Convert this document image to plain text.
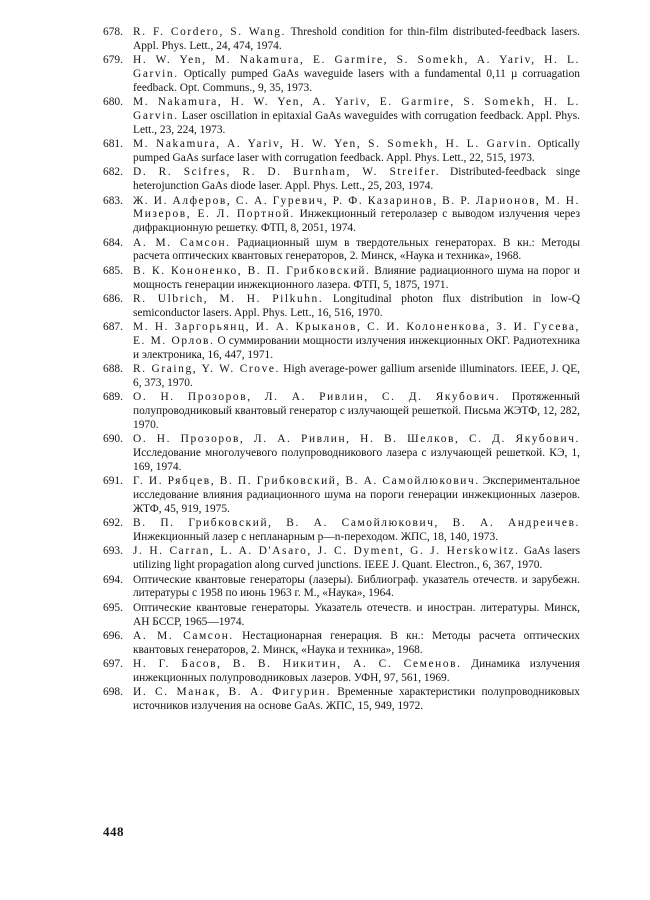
678. R. F. Cordero, S. Wang. Threshold condition for thin-film distributed-feedback lasers. Appl. Phys. Lett., 24, 474, 1974.
679. H. W. Yen, M. Nakamura, E. Garmire, S. Somekh, A. Yariv, H. L. Garvin. Optically pumped GaAs waveguide lasers with a fundamental 0,11 µ corruagation feedback. Opt. Communs., 9, 35, 1973.
680. M. Nakamura, H. W. Yen, A. Yariv, E. Garmire, S. Somekh, H. L. Garvin. Laser oscillation in epitaxial GaAs waveguides with corrugation feedback. Appl. Phys. Lett., 23, 224, 1973.
681. M. Nakamura, A. Yariv, H. W. Yen, S. Somekh, H. L. Garvin. Optically pumped GaAs surface laser with corrugation feedback. Appl. Phys. Lett., 22, 515, 1973.
682. D. R. Scifres, R. D. Burnham, W. Streifer. Distributed-feedback singe heterojunction GaAs diode laser. Appl. Phys. Lett., 25, 203, 1974.
683. Ж. И. Алферов, С. А. Гуревич, Р. Ф. Казаринов, В. Р. Ларионов, М. Н. Мизеров, Е. Л. Портной. Инжекционный гетеролазер с выводом излучения через дифракционную решетку. ФТП, 8, 2051, 1974.
684. А. М. Самсон. Радиационный шум в твердотельных генераторах. В кн.: Методы расчета оптических квантовых генераторов, 2. Минск, «Наука и техника», 1968.
685. В. К. Кононенко, В. П. Грибковский. Влияние радиационного шума на порог и мощность генерации инжекционного лазера. ФТП, 5, 1875, 1971.
686. R. Ulbrich, M. H. Pilkuhn. Longitudinal photon flux distribution in low-Q semiconductor lasers. Appl. Phys. Lett., 16, 516, 1970.
687. М. Н. Заргорьянц, И. А. Крыканов, С. И. Колоненкова, З. И. Гусева, Е. М. Орлов. О суммировании мощности излучения инжекционных ОКГ. Радиотехника и электроника, 16, 447, 1971.
688. R. Graing, Y. W. Crove. High average-power gallium arsenide illuminators. IEEE, J. QE, 6, 373, 1970.
689. О. Н. Прозоров, Л. А. Ривлин, С. Д. Якубович. Протяженный полупроводниковый квантовый генератор с излучающей решеткой. Письма ЖЭТФ, 12, 282, 1970.
690. О. Н. Прозоров, Л. А. Ривлин, Н. В. Шелков, С. Д. Якубович. Исследование многолучевого полупроводникового лазера с излучающей решеткой. КЭ, 1, 169, 1974.
691. Г. И. Рябцев, В. П. Грибковский, В. А. Самойлюкович. Экспериментальное исследование влияния радиационного шума на пороги генерации инжекционных лазеров. ЖТФ, 45, 919, 1975.
692. В. П. Грибковский, В. А. Самойлюкович, В. А. Андреичев. Инжекционный лазер с непланарным p—n-переходом. ЖПС, 18, 140, 1973.
693. J. H. Carran, L. A. D'Asaro, J. C. Dyment, G. J. Herskowitz. GaAs lasers utilizing light propagation along curved junctions. IEEE J. Quant. Electron., 6, 367, 1970.
694. Оптические квантовые генераторы (лазеры). Библиограф. указатель отечеств. и зарубежн. литературы с 1958 по июнь 1963 г. М., «Наука», 1964.
695. Оптические квантовые генераторы. Указатель отечеств. и иностран. литературы. Минск, АН БССР, 1965—1974.
696. А. М. Самсон. Нестационарная генерация. В кн.: Методы расчета оптических квантовых генераторов, 2. Минск, «Наука и техника», 1968.
697. Н. Г. Басов, В. В. Никитин, А. С. Семенов. Динамика излучения инжекционных полупроводниковых лазеров. УФН, 97, 561, 1969.
698. И. С. Манак, В. А. Фигурин. Временные характеристики полупроводниковых источников излучения на основе GaAs. ЖПС, 15, 949, 1972.
448
